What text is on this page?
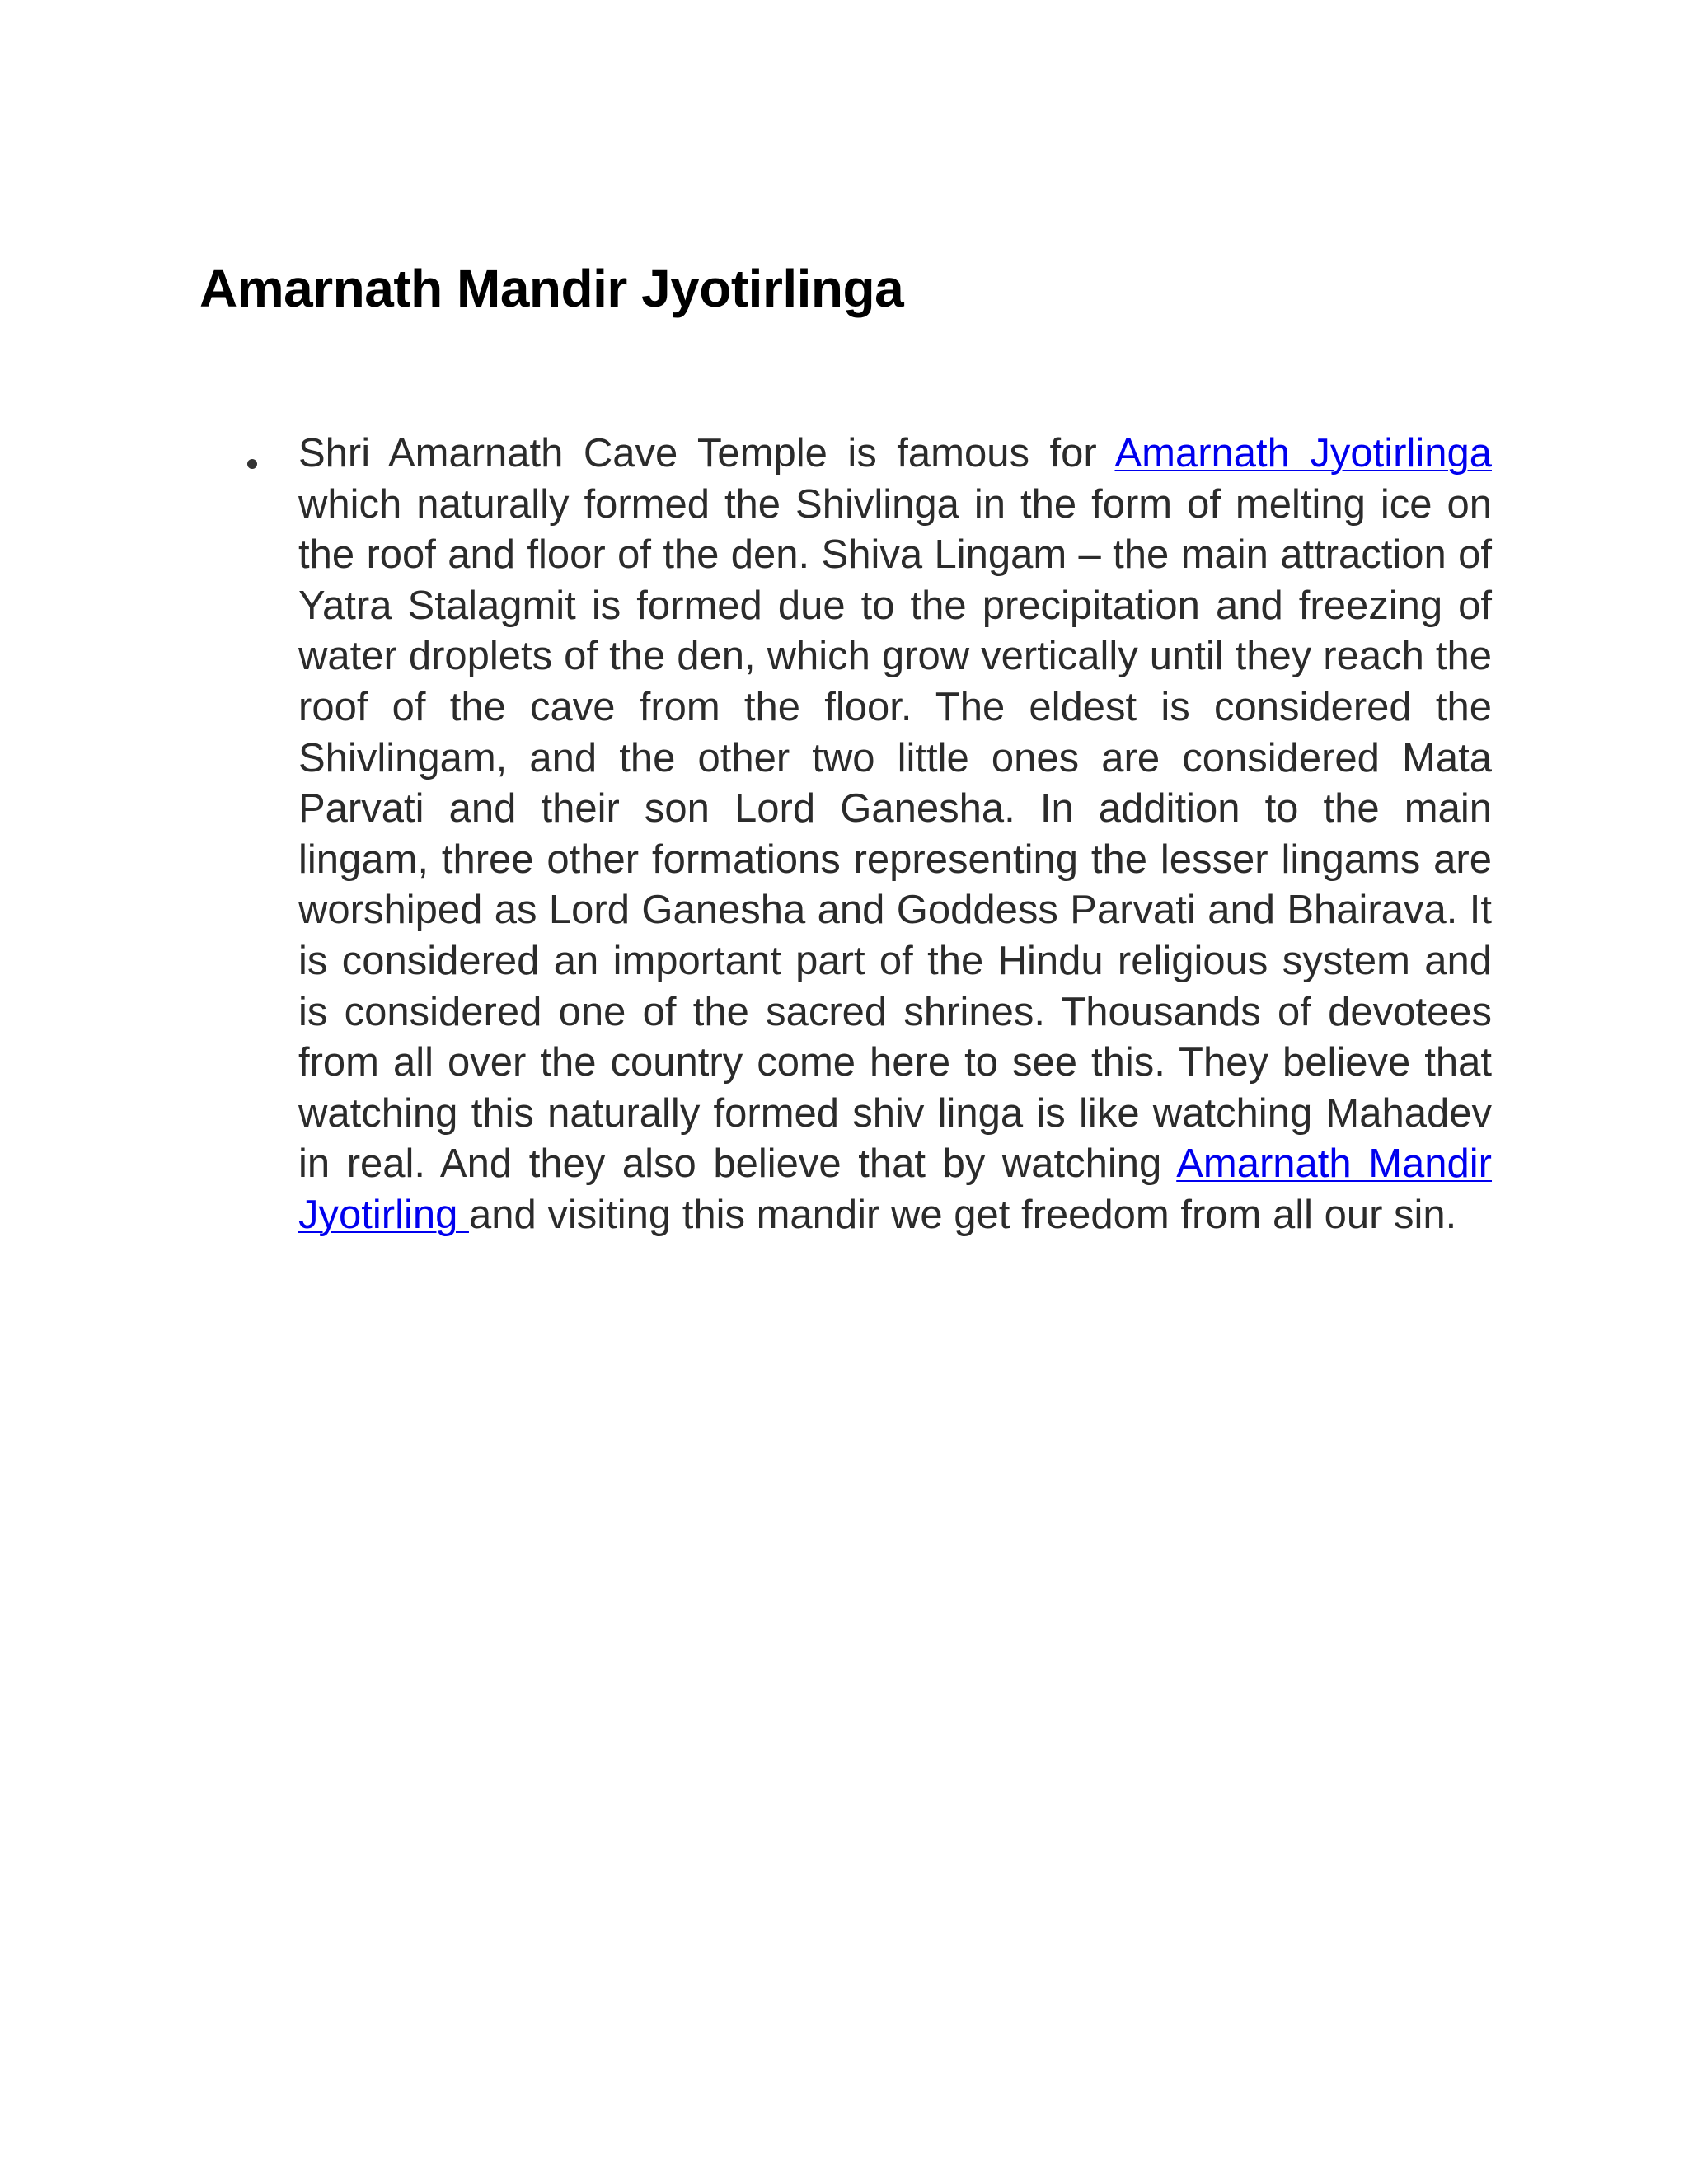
Amarnath Mandir Jyotirlinga

Shri Amarnath Cave Temple is famous for Amarnath Jyotirlinga which naturally formed the Shivlinga in the form of melting ice on the roof and floor of the den. Shiva Lingam – the main attraction of Yatra Stalagmit is formed due to the precipitation and freezing of water droplets of the den, which grow vertically until they reach the roof of the cave from the floor. The eldest is considered the Shivlingam, and the other two little ones are considered Mata Parvati and their son Lord Ganesha. In addition to the main lingam, three other formations representing the lesser lingams are worshiped as Lord Ganesha and Goddess Parvati and Bhairava. It is considered an important part of the Hindu religious system and is considered one of the sacred shrines. Thousands of devotees from all over the country come here to see this. They believe that watching this naturally formed shiv linga is like watching Mahadev in real. And they also believe that by watching Amarnath Mandir Jyotirling and visiting this mandir we get freedom from all our sin.
